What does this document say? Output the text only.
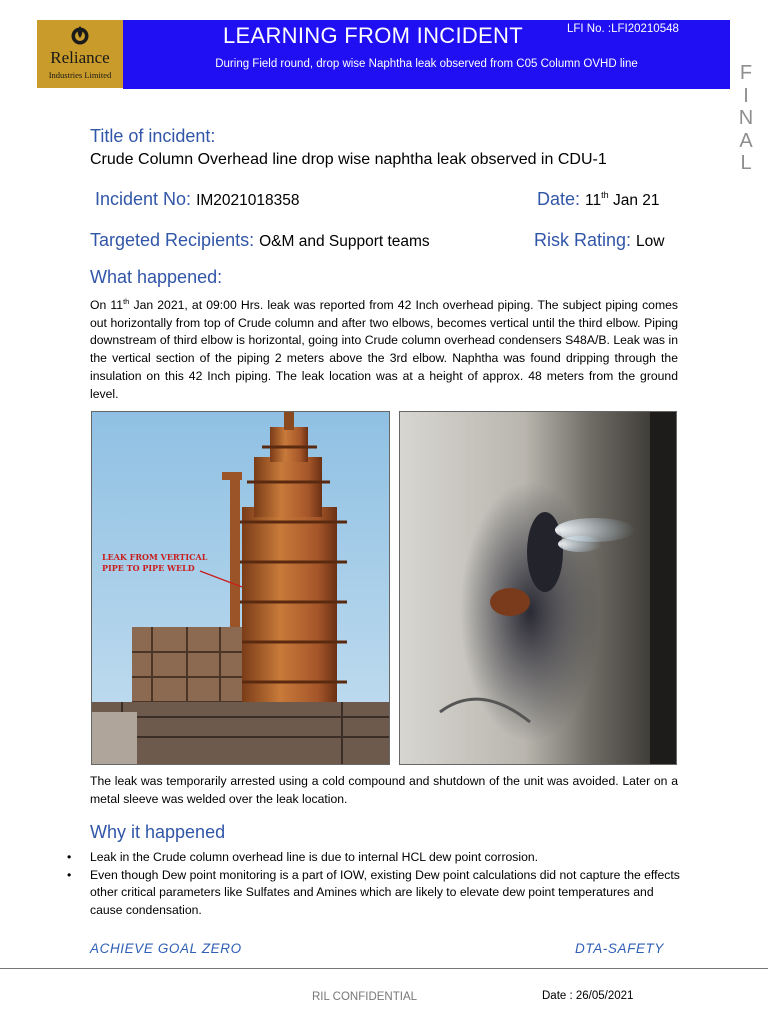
Reliance
Industries Limited
LEARNING FROM INCIDENT	LFI No. :LFI20210548
During Field round, drop wise Naphtha leak observed from C05 Column OVHD line	F
I
N
A
L
Title of incident:
Crude Column Overhead line drop wise naphtha leak observed in CDU-1
Incident No: IM2021018358	Date: 11th Jan 21
Targeted Recipients: O&M and Support teams	Risk Rating: Low
What happened:
On 11th Jan 2021, at 09:00 Hrs. leak was reported from 42 Inch overhead piping. The subject piping comes out horizontally from top of Crude column and after two elbows, becomes vertical until the third elbow. Piping downstream of third elbow is horizontal, going into Crude column overhead condensers S48A/B. Leak was in the vertical section of the piping 2 meters above the 3rd elbow. Naphtha was found dripping through the insulation on this 42 Inch piping. The leak location was at a height of approx. 48 meters from the ground level.
LEAK FROM VERTICAL
PIPE TO PIPE WELD
The leak was temporarily arrested using a cold compound and shutdown of the unit was avoided. Later on a metal sleeve was welded over the leak location.
Why it happened
• Leak in the Crude column overhead line is due to internal HCL dew point corrosion.
• Even though Dew point monitoring is a part of IOW, existing Dew point calculations did not capture the effects other critical parameters like Sulfates and Amines which are likely to elevate dew point temperatures and cause condensation.
ACHIEVE GOAL ZERO	DTA-SAFETY
RIL CONFIDENTIAL	Date : 26/05/2021
